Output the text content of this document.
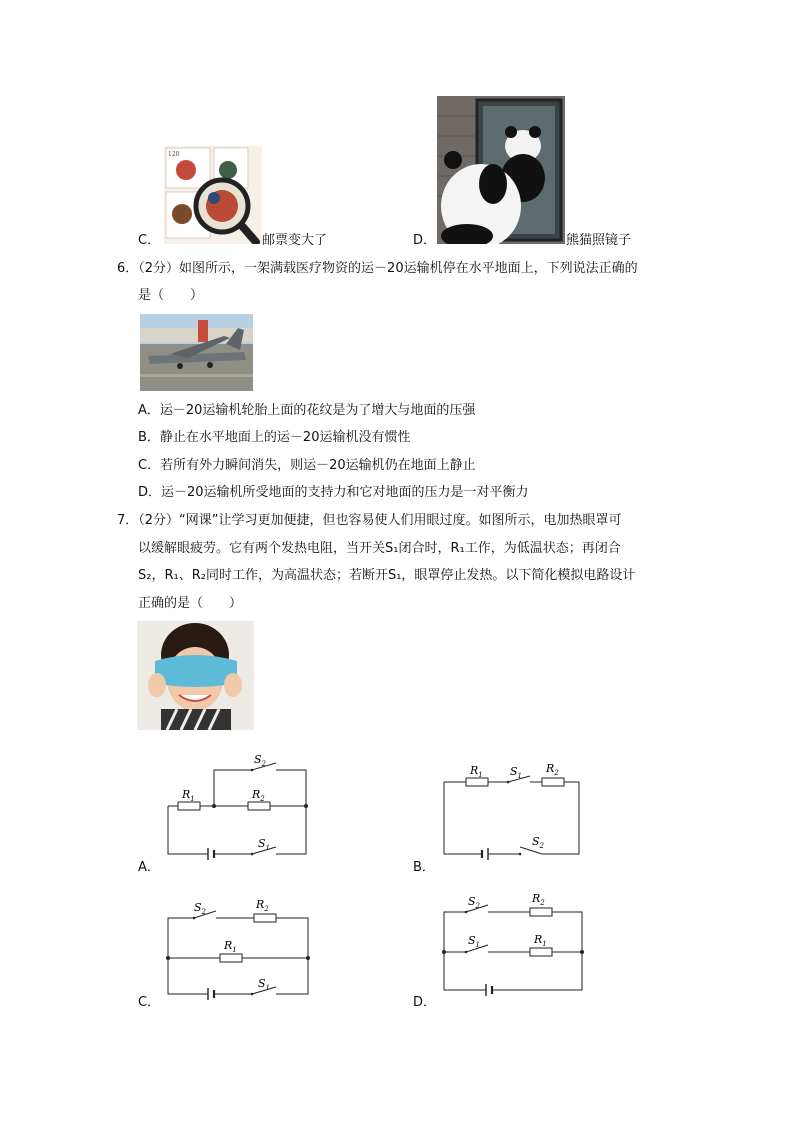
120
C．	邮票变大了	D．	熊猫照镜子
6．（2分）如图所示，一架满载医疗物资的运－20运输机停在水平地面上，下列说法正确的
是（　　）
A．运－20运输机轮胎上面的花纹是为了增大与地面的压强
B．静止在水平地面上的运－20运输机没有惯性
C．若所有外力瞬间消失，则运－20运输机仍在地面上静止
D．运－20运输机所受地面的支持力和它对地面的压力是一对平衡力
7．（2分）“网课”让学习更加便捷，但也容易使人们用眼过度。如图所示，电加热眼罩可
以缓解眼疲劳。它有两个发热电阻，当开关S₁闭合时，R₁工作，为低温状态；再闭合
S₂，R₁、R₂同时工作，为高温状态；若断开S₁，眼罩停止发热。以下简化模拟电路设计
正确的是（　　）
$S_2$
$R_1$	$R_2$
$S_1$
A．
$R_1$ $S_1$
$R_2$
$S_2$
B．
$S_2$
$R_2$
$R_1$
$S_1$
C．
$S_2$
$R_2$
$S_1$	$R_1$
D．
